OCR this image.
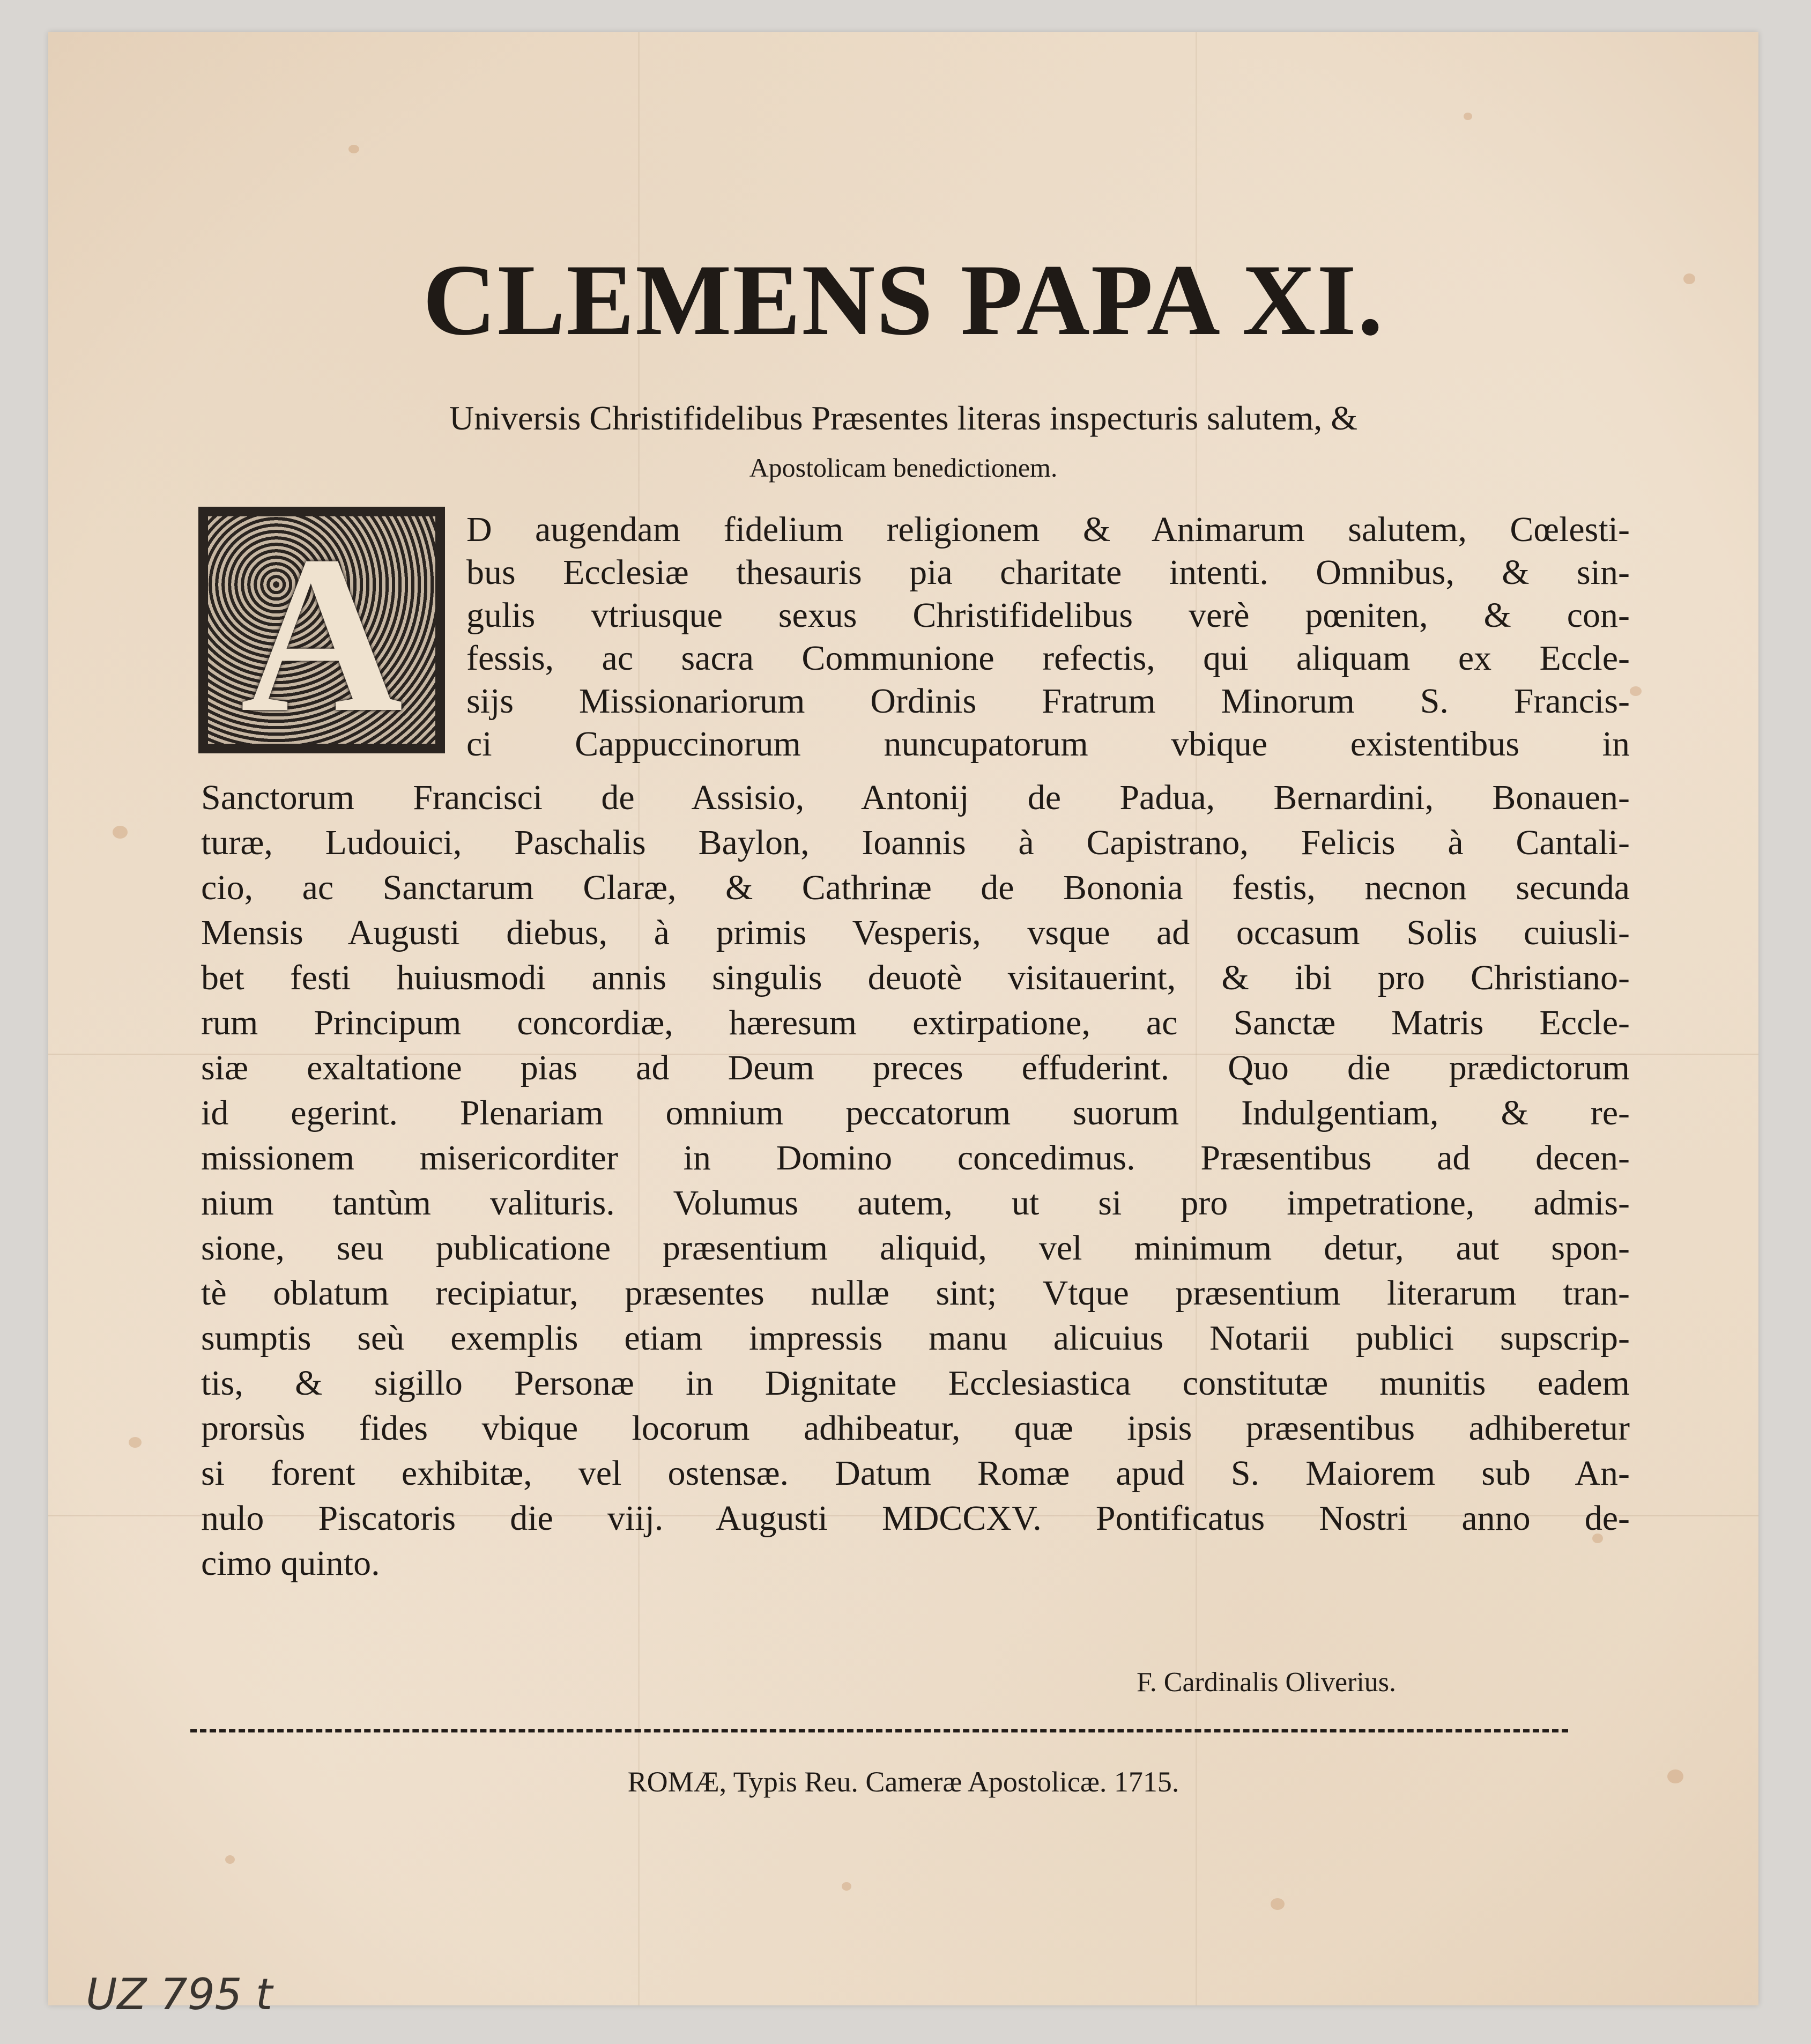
CLEMENS PAPA XI.
Universis Christifidelibus Præsentes literas inspecturis salutem, &
Apostolicam benedictionem.
A	D augendam fidelium religionem & Animarum salutem, Cœlesti-
bus Ecclesiæ thesauris pia charitate intenti. Omnibus, & sin-
gulis vtriusque sexus Christifidelibus verè pœniten, & con-
fessis, ac sacra Communione refectis, qui aliquam ex Eccle-
sijs Missionariorum Ordinis Fratrum Minorum S. Francis-
ci Cappuccinorum nuncupatorum vbique existentibus in
Sanctorum Francisci de Assisio, Antonij de Padua, Bernardini, Bonauen-
turæ, Ludouici, Paschalis Baylon, Ioannis à Capistrano, Felicis à Cantali-
cio, ac Sanctarum Claræ, & Cathrinæ de Bononia festis, necnon secunda
Mensis Augusti diebus, à primis Vesperis, vsque ad occasum Solis cuiusli-
bet festi huiusmodi annis singulis deuotè visitauerint, & ibi pro Christiano-
rum Principum concordiæ, hæresum extirpatione, ac Sanctæ Matris Eccle-
siæ exaltatione pias ad Deum preces effuderint. Quo die prædictorum
id egerint. Plenariam omnium peccatorum suorum Indulgentiam, & re-
missionem misericorditer in Domino concedimus. Præsentibus ad decen-
nium tantùm valituris. Volumus autem, ut si pro impetratione, admis-
sione, seu publicatione præsentium aliquid, vel minimum detur, aut spon-
tè oblatum recipiatur, præsentes nullæ sint; Vtque præsentium literarum tran-
sumptis seù exemplis etiam impressis manu alicuius Notarii publici supscrip-
tis, & sigillo Personæ in Dignitate Ecclesiastica constitutæ munitis eadem
prorsùs fides vbique locorum adhibeatur, quæ ipsis præsentibus adhiberetur
si forent exhibitæ, vel ostensæ. Datum Romæ apud S. Maiorem sub An-
nulo Piscatoris die viij. Augusti MDCCXV. Pontificatus Nostri anno de-
cimo quinto.
F. Cardinalis Oliverius.
ROMÆ, Typis Reu. Cameræ Apostolicæ. 1715.
UZ 795 t
